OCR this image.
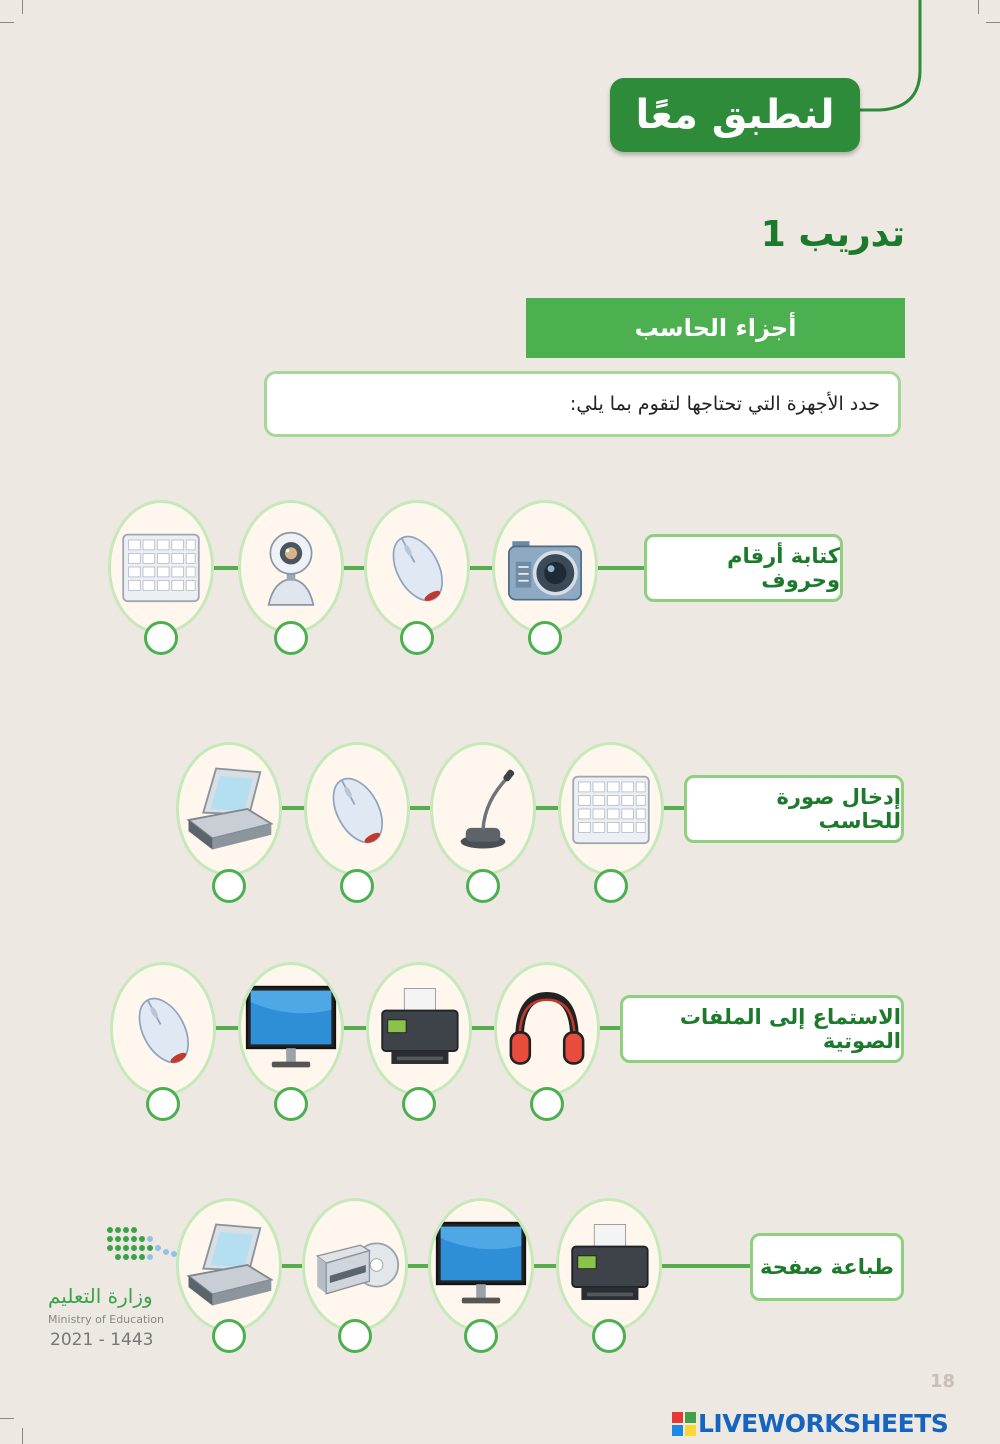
لنطبق معًا
تدريب 1
أجزاء الحاسب
حدد الأجهزة التي تحتاجها لتقوم بما يلي:
كتابة أرقام وحروف
إدخال صورة للحاسب
الاستماع إلى الملفات الصوتية
طباعة صفحة
وزارة التعليم
Ministry of Education
2021 - 1443
18
LIVEWORKSHEETS
